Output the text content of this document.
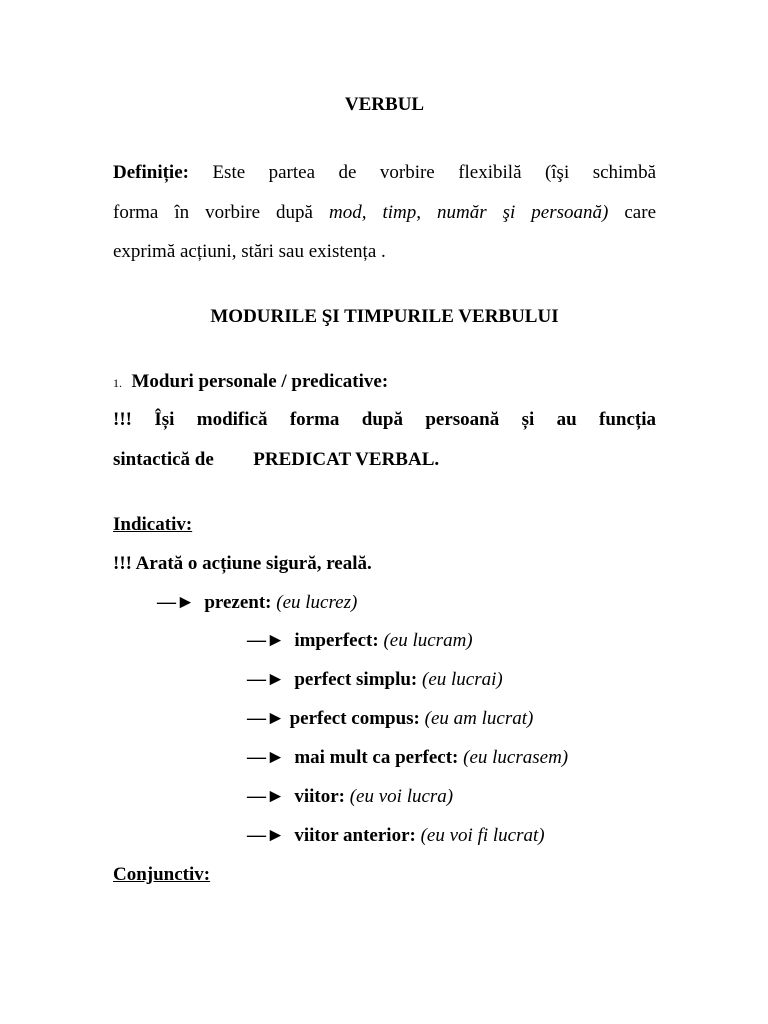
VERBUL
Definiție: Este partea de vorbire flexibilă (îşi schimbă
forma în vorbire după mod, timp, număr şi persoană) care
exprimă acțiuni, stări sau existența .
MODURILE ŞI TIMPURILE VERBULUI
1. Moduri personale / predicative:
!!! Își modifică forma după persoană și au funcția
sintactică de PREDICAT VERBAL.
Indicativ:
!!! Arată o acțiune sigură, reală.
—► prezent: (eu lucrez)
—► imperfect: (eu lucram)
—► perfect simplu: (eu lucrai)
—► perfect compus: (eu am lucrat)
—► mai mult ca perfect: (eu lucrasem)
—► viitor: (eu voi lucra)
—► viitor anterior: (eu voi fi lucrat)
Conjunctiv:
